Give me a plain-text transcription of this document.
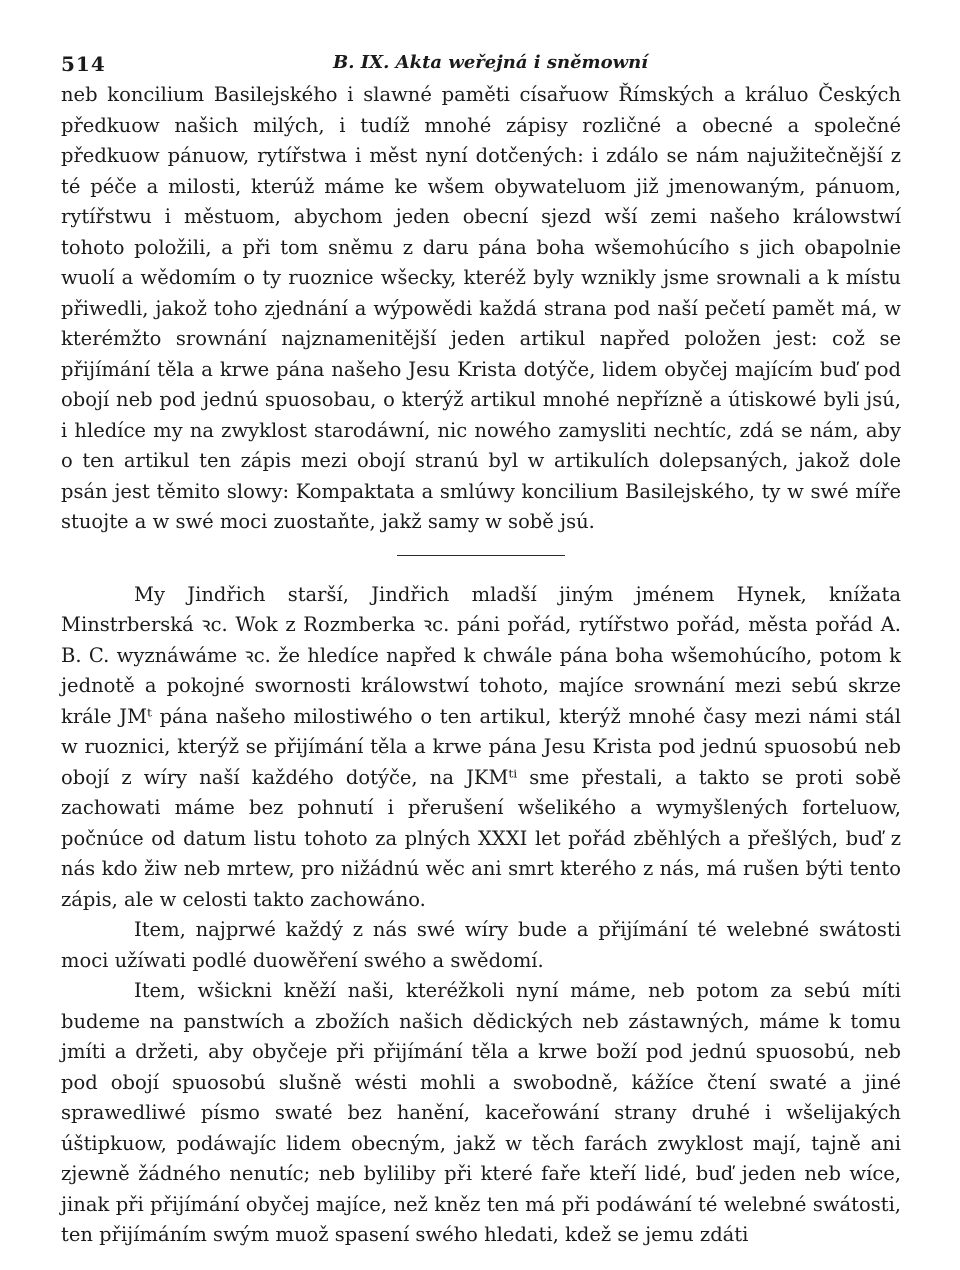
514	B. IX. Akta weřejná i sněmowní

neb koncilium Basilejského i slawné paměti císařuow Římských a králuo Českých předkuow našich milých, i tudíž mnohé zápisy rozličné a obecné a společné předkuow pánuow, rytířstwa i měst nyní dotčených: i zdálo se nám najužitečnější z té péče a milosti, kterúž máme ke wšem obywateluom již jmenowaným, pánuom, rytířstwu i městuom, abychom jeden obecní sjezd wší zemi našeho králowstwí tohoto položili, a při tom sněmu z daru pána boha wšemohúcího s jich obapolnie wuolí a wědomím o ty ruoznice wšecky, kteréž byly wznikly jsme srownali a k místu přiwedli, jakož toho zjednání a wýpowědi každá strana pod naší pečetí pamět má, w kterémžto srownání najznamenitější jeden artikul napřed položen jest: což se přijímání těla a krwe pána našeho Jesu Krista dotýče, lidem obyčej majícím buď pod obojí neb pod jednú spuosobau, o kterýž artikul mnohé nepřízně a útiskowé byli jsú, i hledíce my na zwyklost starodáwní, nic nowého zamysliti nechtíc, zdá se nám, aby o ten artikul ten zápis mezi obojí stranú byl w artikulích dolepsaných, jakož dole psán jest těmito slowy: Kompaktata a smlúwy koncilium Basilejského, ty w swé míře stuojte a w swé moci zuostaňte, jakž samy w sobě jsú.

My Jindřich starší, Jindřich mladší jiným jménem Hynek, knížata Minstrberská ꝛc. Wok z Rozmberka ꝛc. páni pořád, rytířstwo pořád, města pořád A. B. C. wyznáwáme ꝛc. že hledíce napřed k chwále pána boha wšemohúcího, potom k jednotě a pokojné swornosti králowstwí tohoto, majíce srownání mezi sebú skrze krále JMᵗ pána našeho milostiwého o ten artikul, kterýž mnohé časy mezi námi stál w ruoznici, kterýž se přijímání těla a krwe pána Jesu Krista pod jednú spuosobú neb obojí z wíry naší každého dotýče, na JKMᵗⁱ sme přestali, a takto se proti sobě zachowati máme bez pohnutí i přerušení wšelikého a wymyšlených forteluow, počnúce od datum listu tohoto za plných XXXI let pořád zběhlých a přešlých, buď z nás kdo žiw neb mrtew, pro nižádnú wěc ani smrt kterého z nás, má rušen býti tento zápis, ale w celosti takto zachowáno.

Item, najprwé každý z nás swé wíry bude a přijímání té welebné swátosti moci užíwati podlé duowěření swého a swědomí.

Item, wšickni kněží naši, kteréžkoli nyní máme, neb potom za sebú míti budeme na panstwích a zbožích našich dědických neb zástawných, máme k tomu jmíti a držeti, aby obyčeje při přijímání těla a krwe boží pod jednú spuosobú, neb pod obojí spuosobú slušně wésti mohli a swobodně, kážíce čtení swaté a jiné sprawedliwé písmo swaté bez hanění, kaceřowání strany druhé i wšelijakých úštipkuow, podáwajíc lidem obecným, jakž w těch farách zwyklost mají, tajně ani zjewně žádného nenutíc; neb byliliby při které faře kteří lidé, buď jeden neb wíce, jinak při přijímání obyčej majíce, než kněz ten má při podáwání té welebné swátosti, ten přijímáním swým muož spasení swého hledati, kdež se jemu zdáti
